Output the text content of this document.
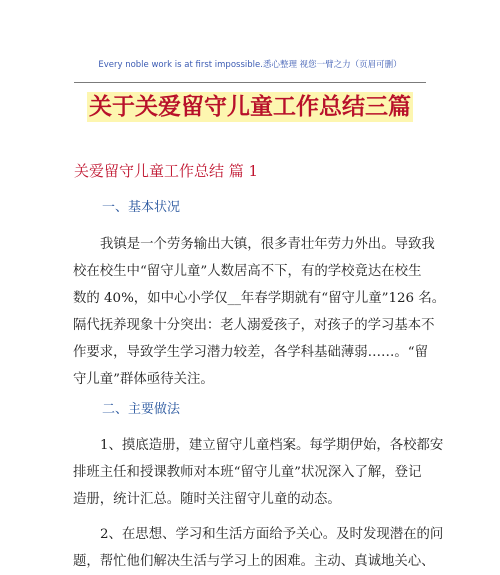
Every noble work is at first impossible.悉心整理 视您一臂之力（页眉可删）
关于关爱留守儿童工作总结三篇
关爱留守儿童工作总结 篇 1
一、基本状况
我镇是一个劳务输出大镇，很多青壮年劳力外出。导致我
校在校生中“留守儿童”人数居高不下，有的学校竟达在校生
数的 40%，如中心小学仅__年春学期就有“留守儿童”126 名。
隔代抚养现象十分突出：老人溺爱孩子，对孩子的学习基本不
作要求，导致学生学习潜力较差，各学科基础薄弱……。“留
守儿童”群体亟待关注。
二、主要做法
1、摸底造册，建立留守儿童档案。每学期伊始，各校都安
排班主任和授课教师对本班“留守儿童”状况深入了解，登记
造册，统计汇总。随时关注留守儿童的动态。
2、在思想、学习和生活方面给予关心。及时发现潜在的问
题，帮忙他们解决生活与学习上的困难。主动、真诚地关心、
